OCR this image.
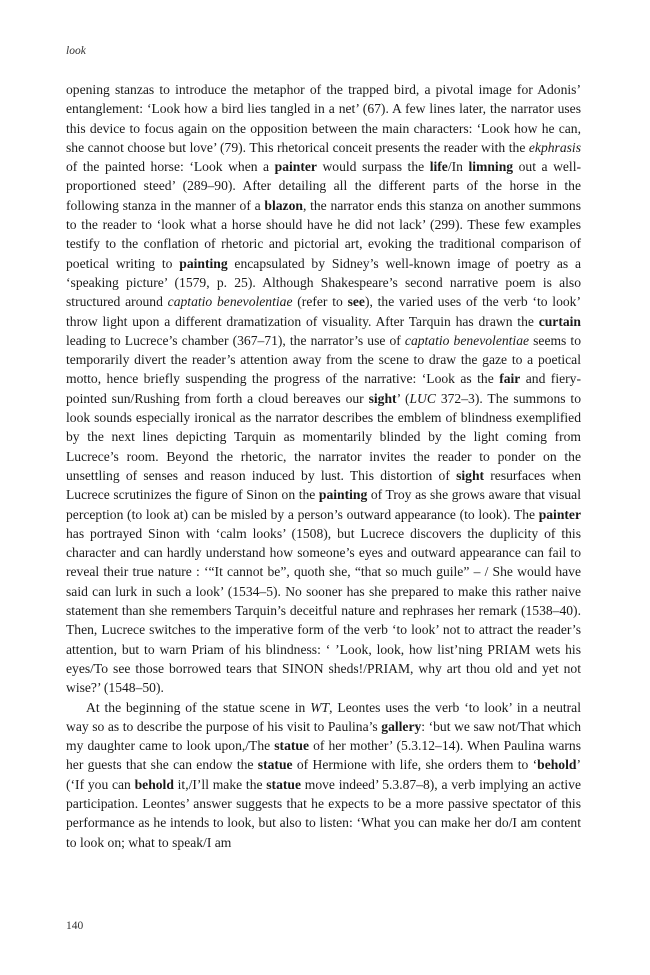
look

opening stanzas to introduce the metaphor of the trapped bird, a pivotal image for Adonis’ entanglement: ‘Look how a bird lies tangled in a net’ (67). A few lines later, the narrator uses this device to focus again on the opposition between the main characters: ‘Look how he can, she cannot choose but love’ (79). This rhetorical conceit presents the reader with the ekphrasis of the painted horse: ‘Look when a painter would surpass the life/In limning out a well-proportioned steed’ (289–90). After detailing all the different parts of the horse in the following stanza in the manner of a blazon, the narrator ends this stanza on another summons to the reader to ‘look what a horse should have he did not lack’ (299). These few examples testify to the conflation of rhetoric and pictorial art, evoking the traditional comparison of poetical writing to painting encapsulated by Sidney’s well-known image of poetry as a ‘speaking picture’ (1579, p. 25). Although Shakespeare’s second narrative poem is also structured around captatio benevolentiae (refer to see), the varied uses of the verb ‘to look’ throw light upon a different dramatization of visuality. After Tarquin has drawn the curtain leading to Lucrece’s chamber (367–71), the narrator’s use of captatio benevolentiae seems to temporarily divert the reader’s attention away from the scene to draw the gaze to a poetical motto, hence briefly suspending the progress of the narrative: ‘Look as the fair and fiery-pointed sun/Rushing from forth a cloud bereaves our sight’ (LUC 372–3). The summons to look sounds especially ironical as the narrator describes the emblem of blindness exemplified by the next lines depicting Tarquin as momentarily blinded by the light coming from Lucrece’s room. Beyond the rhetoric, the narrator invites the reader to ponder on the unsettling of senses and reason induced by lust. This distortion of sight resurfaces when Lucrece scrutinizes the figure of Sinon on the painting of Troy as she grows aware that visual perception (to look at) can be misled by a person’s outward appearance (to look). The painter has portrayed Sinon with ‘calm looks’ (1508), but Lucrece discovers the duplicity of this character and can hardly understand how someone’s eyes and outward appearance can fail to reveal their true nature : ‘“It cannot be”, quoth she, “that so much guile” – / She would have said can lurk in such a look’ (1534–5). No sooner has she prepared to make this rather naive statement than she remembers Tarquin’s deceitful nature and rephrases her remark (1538–40). Then, Lucrece switches to the imperative form of the verb ‘to look’ not to attract the reader’s attention, but to warn Priam of his blindness: ‘ ’Look, look, how list’ning PRIAM wets his eyes/To see those borrowed tears that SINON sheds!/PRIAM, why art thou old and yet not wise?’ (1548–50).

At the beginning of the statue scene in WT, Leontes uses the verb ‘to look’ in a neutral way so as to describe the purpose of his visit to Paulina’s gallery: ‘but we saw not/That which my daughter came to look upon,/The statue of her mother’ (5.3.12–14). When Paulina warns her guests that she can endow the statue of Hermione with life, she orders them to ‘behold’ (‘If you can behold it,/I’ll make the statue move indeed’ 5.3.87–8), a verb implying an active participation. Leontes’ answer suggests that he expects to be a more passive spectator of this performance as he intends to look, but also to listen: ‘What you can make her do/I am content to look on; what to speak/I am

140
